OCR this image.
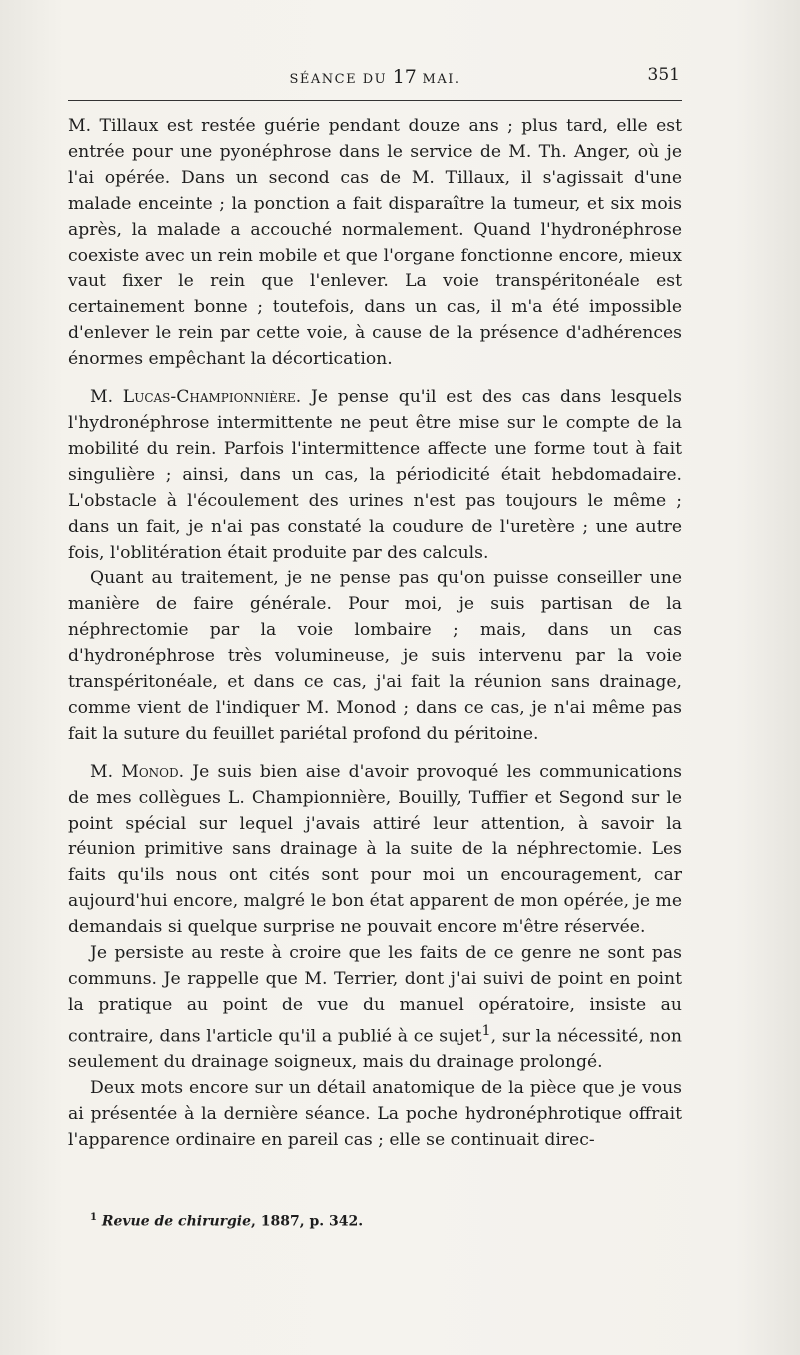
SÉANCE DU 17 MAI.	351

M. Tillaux est restée guérie pendant douze ans ; plus tard, elle est entrée pour une pyonéphrose dans le service de M. Th. Anger, où je l'ai opérée. Dans un second cas de M. Tillaux, il s'agissait d'une malade enceinte ; la ponction a fait disparaître la tumeur, et six mois après, la malade a accouché normalement. Quand l'hydronéphrose coexiste avec un rein mobile et que l'organe fonctionne encore, mieux vaut fixer le rein que l'enlever. La voie transpéritonéale est certainement bonne ; toutefois, dans un cas, il m'a été impossible d'enlever le rein par cette voie, à cause de la présence d'adhérences énormes empêchant la décortication.

M. Lucas-Championnière. Je pense qu'il est des cas dans lesquels l'hydronéphrose intermittente ne peut être mise sur le compte de la mobilité du rein. Parfois l'intermittence affecte une forme tout à fait singulière ; ainsi, dans un cas, la périodicité était hebdomadaire. L'obstacle à l'écoulement des urines n'est pas toujours le même ; dans un fait, je n'ai pas constaté la coudure de l'uretère ; une autre fois, l'oblitération était produite par des calculs.

Quant au traitement, je ne pense pas qu'on puisse conseiller une manière de faire générale. Pour moi, je suis partisan de la néphrectomie par la voie lombaire ; mais, dans un cas d'hydronéphrose très volumineuse, je suis intervenu par la voie transpéritonéale, et dans ce cas, j'ai fait la réunion sans drainage, comme vient de l'indiquer M. Monod ; dans ce cas, je n'ai même pas fait la suture du feuillet pariétal profond du péritoine.

M. Monod. Je suis bien aise d'avoir provoqué les communications de mes collègues L. Championnière, Bouilly, Tuffier et Segond sur le point spécial sur lequel j'avais attiré leur attention, à savoir la réunion primitive sans drainage à la suite de la néphrectomie. Les faits qu'ils nous ont cités sont pour moi un encouragement, car aujourd'hui encore, malgré le bon état apparent de mon opérée, je me demandais si quelque surprise ne pouvait encore m'être réservée.

Je persiste au reste à croire que les faits de ce genre ne sont pas communs. Je rappelle que M. Terrier, dont j'ai suivi de point en point la pratique au point de vue du manuel opératoire, insiste au contraire, dans l'article qu'il a publié à ce sujet$^1$, sur la nécessité, non seulement du drainage soigneux, mais du drainage prolongé.

Deux mots encore sur un détail anatomique de la pièce que je vous ai présentée à la dernière séance. La poche hydronéphrotique offrait l'apparence ordinaire en pareil cas ; elle se continuait direc-

$^1$ Revue de chirurgie, 1887, p. 342.
